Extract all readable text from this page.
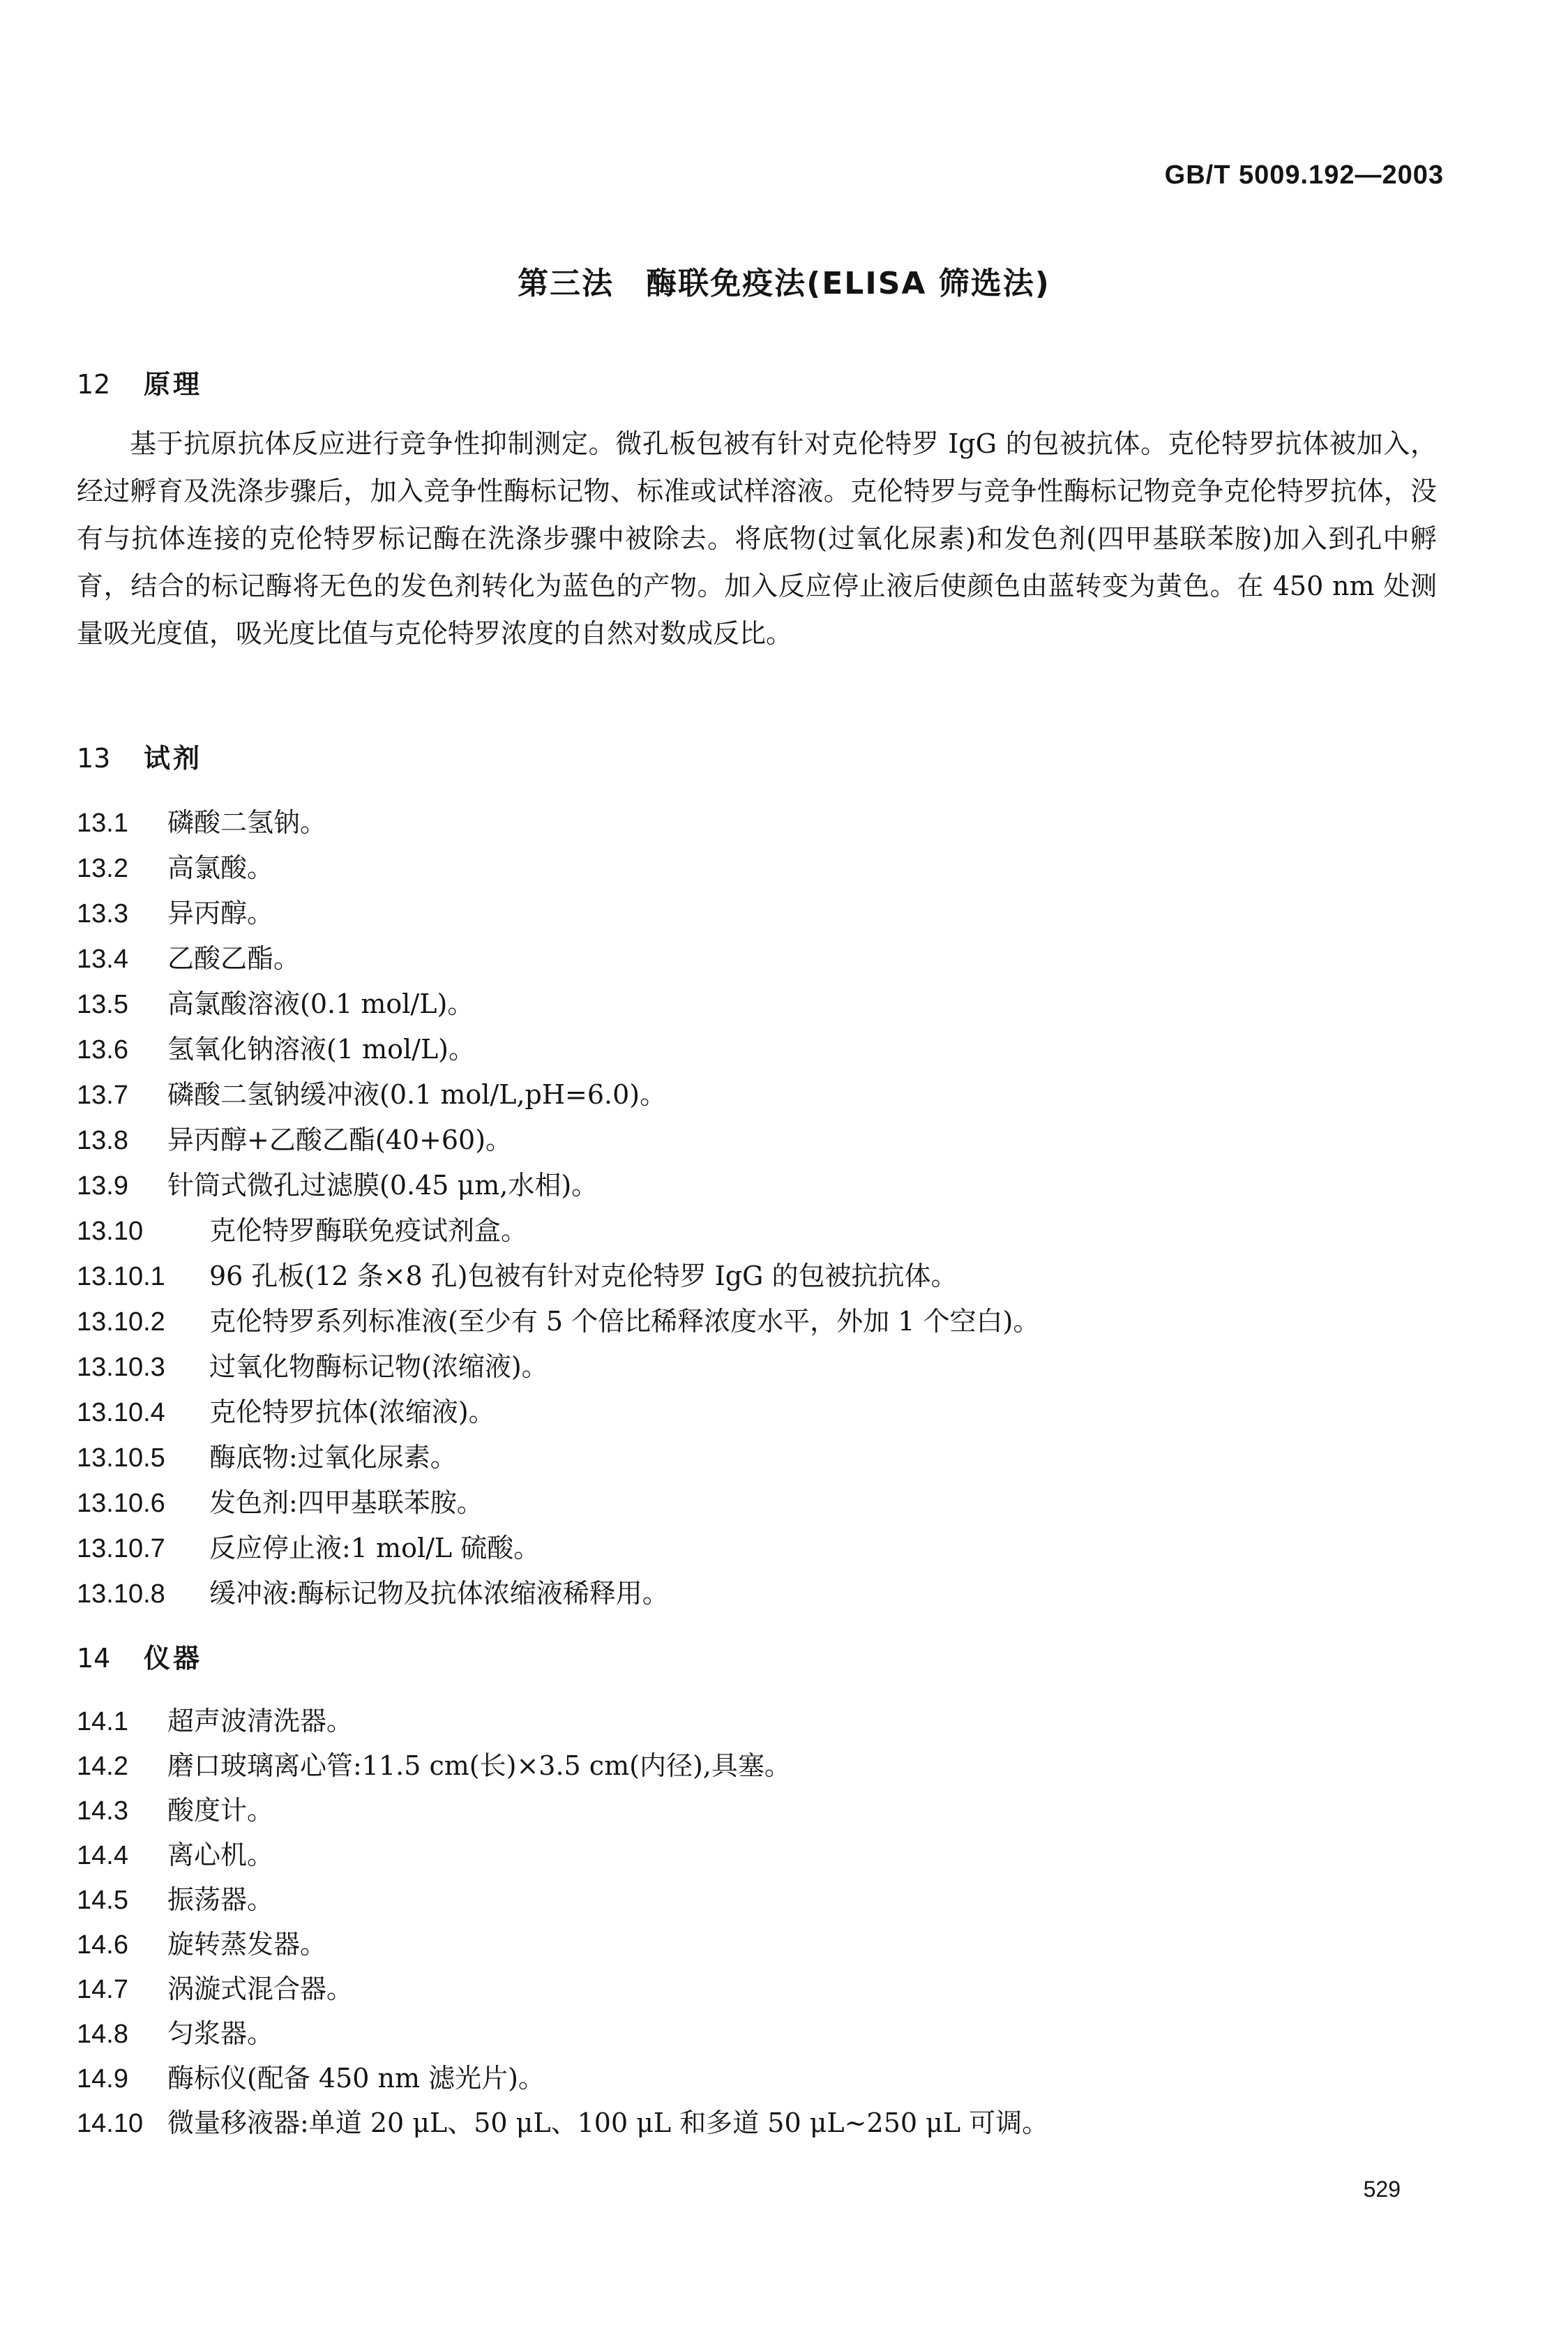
GB/T 5009.192—2003
第三法　酶联免疫法(ELISA 筛选法)
12 原理

基于抗原抗体反应进行竞争性抑制测定。微孔板包被有针对克伦特罗 IgG 的包被抗体。克伦特罗抗体被加入，经过孵育及洗涤步骤后，加入竞争性酶标记物、标准或试样溶液。克伦特罗与竞争性酶标记物竞争克伦特罗抗体，没有与抗体连接的克伦特罗标记酶在洗涤步骤中被除去。将底物(过氧化尿素)和发色剂(四甲基联苯胺)加入到孔中孵育，结合的标记酶将无色的发色剂转化为蓝色的产物。加入反应停止液后使颜色由蓝转变为黄色。在 450 nm 处测量吸光度值，吸光度比值与克伦特罗浓度的自然对数成反比。

13 试剂
13.1 磷酸二氢钠。
13.2 高氯酸。
13.3 异丙醇。
13.4 乙酸乙酯。
13.5 高氯酸溶液(0.1 mol/L)。
13.6 氢氧化钠溶液(1 mol/L)。
13.7 磷酸二氢钠缓冲液(0.1 mol/L,pH=6.0)。
13.8 异丙醇+乙酸乙酯(40+60)。
13.9 针筒式微孔过滤膜(0.45 μm,水相)。
13.10 克伦特罗酶联免疫试剂盒。
13.10.1 96 孔板(12 条×8 孔)包被有针对克伦特罗 IgG 的包被抗抗体。
13.10.2 克伦特罗系列标准液(至少有 5 个倍比稀释浓度水平，外加 1 个空白)。
13.10.3 过氧化物酶标记物(浓缩液)。
13.10.4 克伦特罗抗体(浓缩液)。
13.10.5 酶底物:过氧化尿素。
13.10.6 发色剂:四甲基联苯胺。
13.10.7 反应停止液:1 mol/L 硫酸。
13.10.8 缓冲液:酶标记物及抗体浓缩液稀释用。
14 仪器
14.1 超声波清洗器。
14.2 磨口玻璃离心管:11.5 cm(长)×3.5 cm(内径),具塞。
14.3 酸度计。
14.4 离心机。
14.5 振荡器。
14.6 旋转蒸发器。
14.7 涡漩式混合器。
14.8 匀浆器。
14.9 酶标仪(配备 450 nm 滤光片)。
14.10 微量移液器:单道 20 μL、50 μL、100 μL 和多道 50 μL~250 μL 可调。
529
